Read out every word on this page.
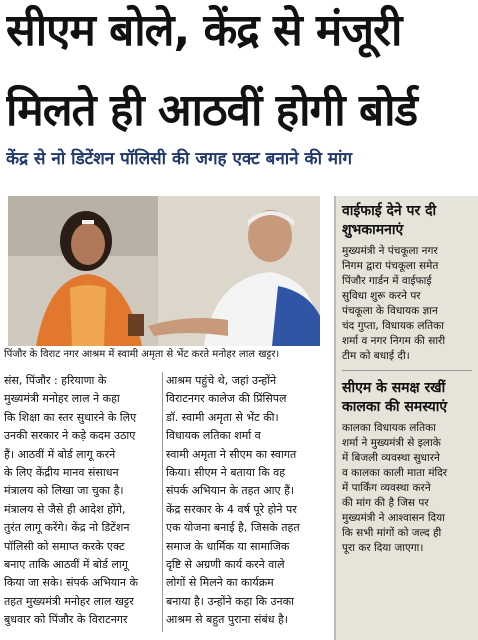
सीएम बोले, केंद्र से मंजूरी
मिलते ही आठवीं होगी बोर्ड
केंद्र से नो डिटेंशन पॉलिसी की जगह एक्ट बनाने की मांग
पिंजौर के विराट नगर आश्रम में स्वामी अमृता से भेंट करते मनोहर लाल खट्टर।
संस, पिंजौर : हरियाणा के
मुख्यमंत्री मनोहर लाल ने कहा
कि शिक्षा का स्तर सुधारने के लिए
उनकी सरकार ने कड़े कदम उठाए
हैं। आठवीं में बोर्ड लागू करने
के लिए केंद्रीय मानव संसाधन
मंत्रालय को लिखा जा चुका है।
मंत्रालय से जैसे ही आदेश होंगे,
तुरंत लागू करेंगे। केंद्र नो डिटेंशन
पॉलिसी को समाप्त करके एक्ट
बनाए ताकि आठवीं में बोर्ड लागू
किया जा सके। संपर्क अभियान के
तहत मुख्यमंत्री मनोहर लाल खट्टर
बुधवार को पिंजौर के विराटनगर
आश्रम पहुंचे थे, जहां उन्होंने
विराटनगर कालेज की प्रिंसिपल
डॉ. स्वामी अमृता से भेंट की।
विधायक लतिका शर्मा व
स्वामी अमृता ने सीएम का स्वागत
किया। सीएम ने बताया कि वह
संपर्क अभियान के तहत आए हैं।
केंद्र सरकार के 4 वर्ष पूरे होने पर
एक योजना बनाई है, जिसके तहत
समाज के धार्मिक या सामाजिक
दृष्टि से अग्रणी कार्य करने वाले
लोगों से मिलने का कार्यक्रम
बनाया है। उन्होंने कहा कि उनका
आश्रम से बहुत पुराना संबंध है।
वाईफाई देने पर दी शुभकामनाएं
मुख्यमंत्री ने पंचकूला नगर
निगम द्वारा पंचकूला समेत
पिंजौर गार्डन में वाईफाई
सुविधा शुरू करने पर
पंचकूला के विधायक ज्ञान
चंद गुप्ता, विधायक लतिका
शर्मा व नगर निगम की सारी
टीम को बधाई दी।
सीएम के समक्ष रखीं कालका की समस्याएं
कालका विधायक लतिका
शर्मा ने मुख्यमंत्री से इलाके
में बिजली व्यवस्था सुधारने
व कालका काली माता मंदिर
में पार्किंग व्यवस्था करने
की मांग की है जिस पर
मुख्यमंत्री ने आश्वासन दिया
कि सभी मांगों को जल्द ही
पूरा कर दिया जाएगा।
